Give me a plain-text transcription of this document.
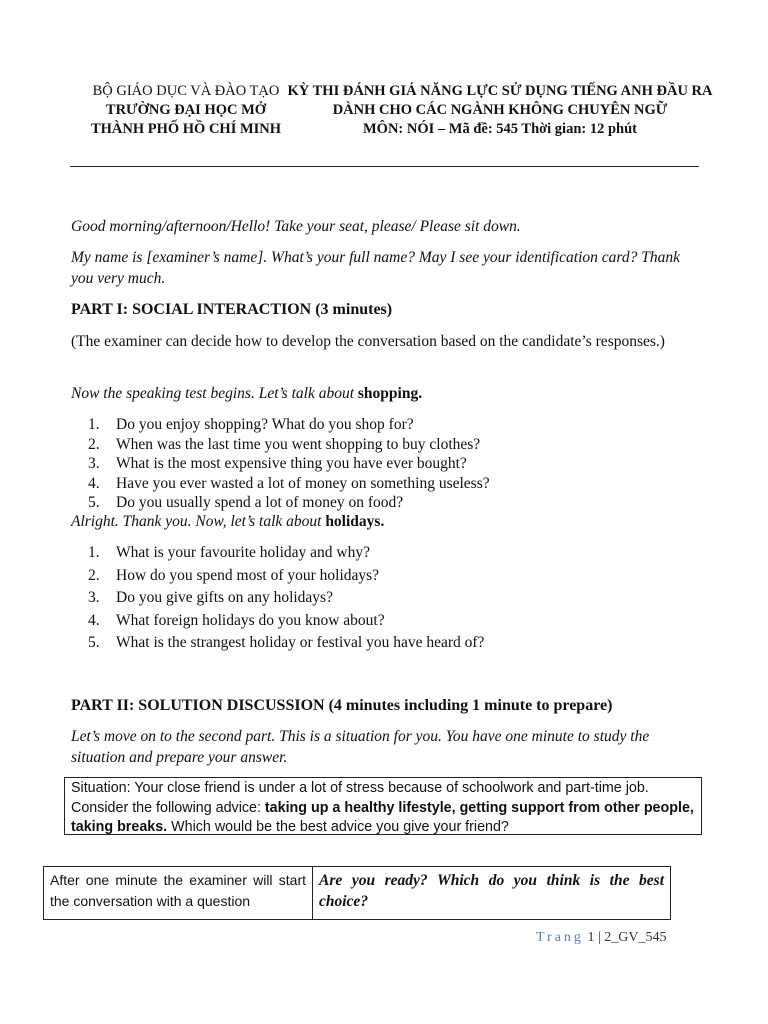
BỘ GIÁO DỤC VÀ ĐÀO TẠO
TRƯỜNG ĐẠI HỌC MỞ
THÀNH PHỐ HỒ CHÍ MINH
KỲ THI ĐÁNH GIÁ NĂNG LỰC SỬ DỤNG TIẾNG ANH ĐẦU RA
DÀNH CHO CÁC NGÀNH KHÔNG CHUYÊN NGỮ
MÔN: NÓI – Mã đề: 545 Thời gian: 12 phút
Good morning/afternoon/Hello! Take your seat, please/ Please sit down.
My name is [examiner’s name]. What’s your full name? May I see your identification card? Thank you very much.
PART I: SOCIAL INTERACTION (3 minutes)
(The examiner can decide how to develop the conversation based on the candidate’s responses.)
Now the speaking test begins. Let’s talk about shopping.
1. Do you enjoy shopping? What do you shop for?
2. When was the last time you went shopping to buy clothes?
3. What is the most expensive thing you have ever bought?
4. Have you ever wasted a lot of money on something useless?
5. Do you usually spend a lot of money on food?
Alright. Thank you. Now, let’s talk about holidays.
1. What is your favourite holiday and why?
2. How do you spend most of your holidays?
3. Do you give gifts on any holidays?
4. What foreign holidays do you know about?
5. What is the strangest holiday or festival you have heard of?
PART II: SOLUTION DISCUSSION (4 minutes including 1 minute to prepare)
Let’s move on to the second part. This is a situation for you. You have one minute to study the situation and prepare your answer.
Situation: Your close friend is under a lot of stress because of schoolwork and part-time job. Consider the following advice: taking up a healthy lifestyle, getting support from other people, taking breaks. Which would be the best advice you give your friend?
After one minute the examiner will start the conversation with a question
Are you ready? Which do you think is the best choice?
Trang 1 | 2_GV_545
